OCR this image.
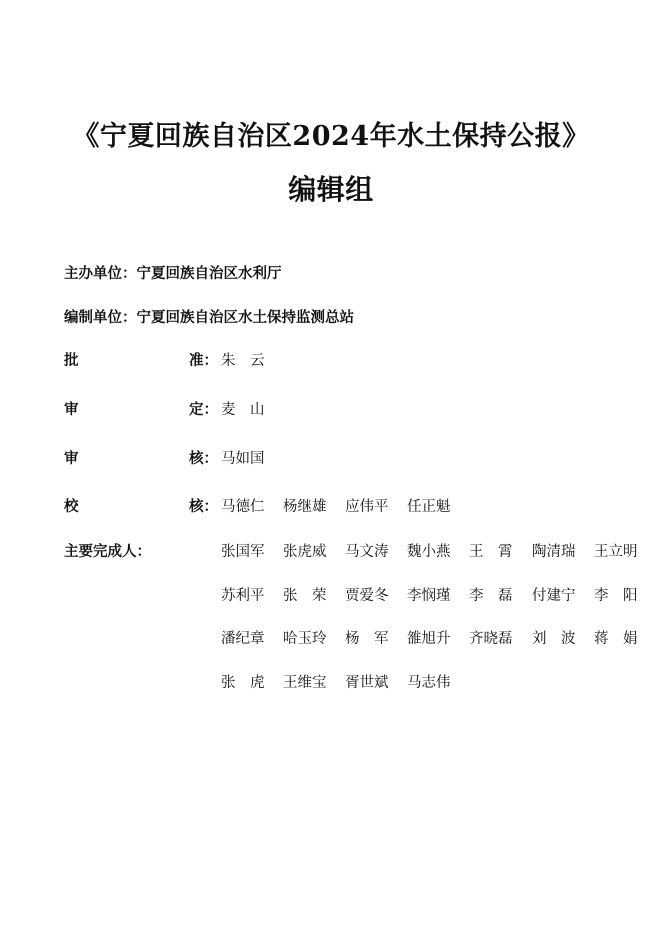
《宁夏回族自治区2024年水土保持公报》
编辑组
主办单位：宁夏回族自治区水利厅
编制单位：宁夏回族自治区水土保持监测总站
批	准： 朱　云
审	定： 麦　山
审	核： 马如国
校	核： 马德仁 杨继雄 应伟平 任正魁
主要完成人：	张国军 张虎威 马文涛 魏小燕 王　霄 陶清瑞 王立明
苏利平 张　荣 贾爱冬 李悯瑾 李　磊 付建宁 李　阳
潘纪章 哈玉玲 杨　军 雒旭升 齐晓磊 刘　波 蒋　娟
张　虎 王维宝 胥世斌 马志伟
